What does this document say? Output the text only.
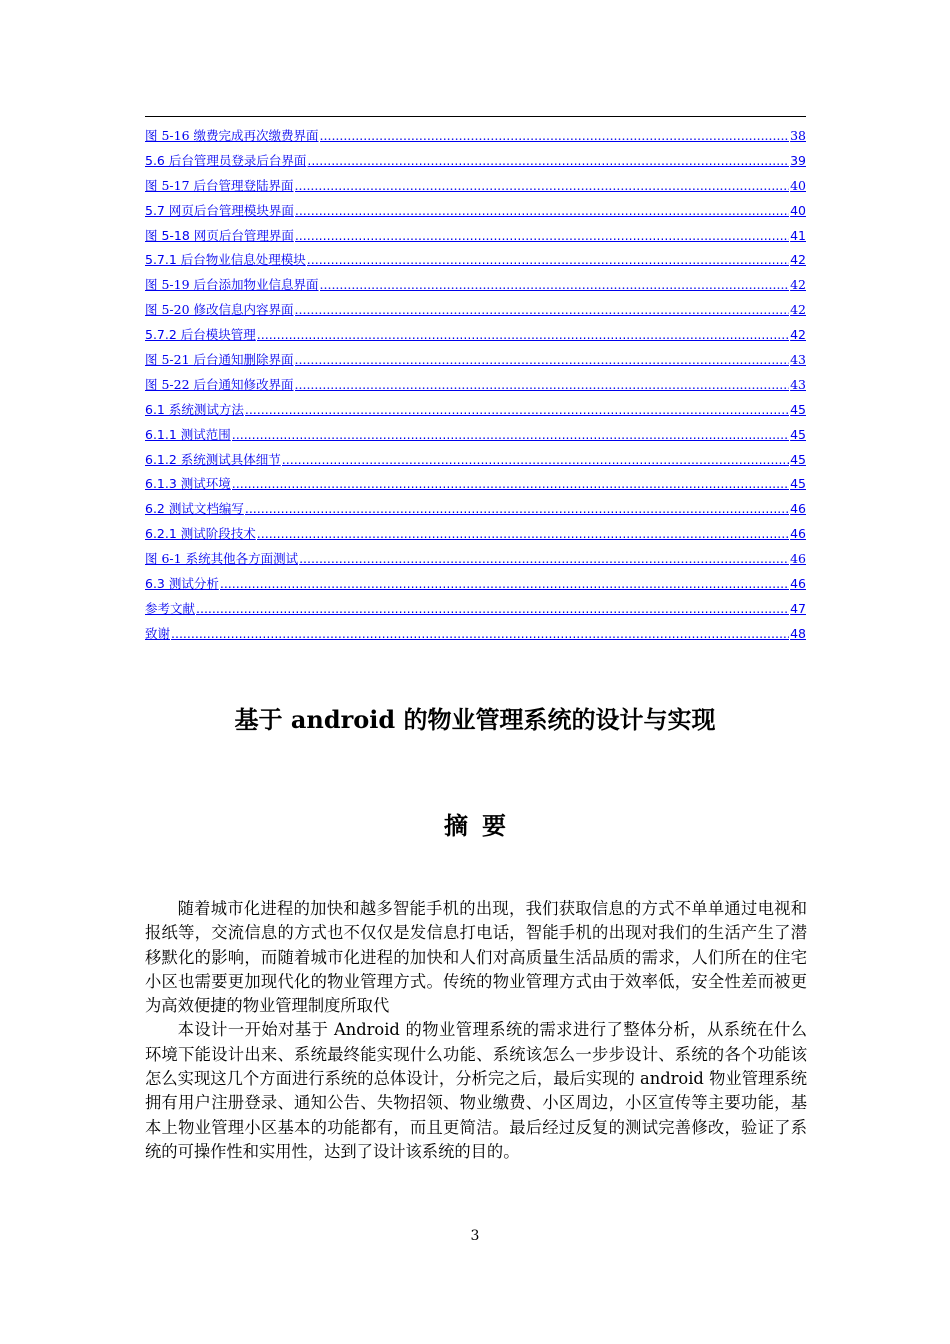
图 5-16 缴费完成再次缴费界面 .....	38
5.6 后台管理员登录后台界面 .....	39
图 5-17 后台管理登陆界面 .....	40
5.7 网页后台管理模块界面 .....	40
图 5-18 网页后台管理界面 .....	41
5.7.1 后台物业信息处理模块 .....	42
图 5-19 后台添加物业信息界面 .....	42
图 5-20 修改信息内容界面 .....	42
5.7.2 后台模块管理 .....	42
图 5-21 后台通知删除界面 .....	43
图 5-22 后台通知修改界面 .....	43
6.1 系统测试方法 .....	45
6.1.1 测试范围 .....	45
6.1.2 系统测试具体细节 .....	45
6.1.3 测试环境 .....	45
6.2 测试文档编写 .....	46
6.2.1 测试阶段技术 .....	46
图 6-1 系统其他各方面测试 .....	46
6.3 测试分析 .....	46
参考文献 .....	47
致谢 .....	48
基于 android 的物业管理系统的设计与实现
摘要

随着城市化进程的加快和越多智能手机的出现，我们获取信息的方式不单单通过电视和报纸等，交流信息的方式也不仅仅是发信息打电话，智能手机的出现对我们的生活产生了潜移默化的影响，而随着城市化进程的加快和人们对高质量生活品质的需求，人们所在的住宅小区也需要更加现代化的物业管理方式。传统的物业管理方式由于效率低，安全性差而被更为高效便捷的物业管理制度所取代

本设计一开始对基于 Android 的物业管理系统的需求进行了整体分析，从系统在什么环境下能设计出来、系统最终能实现什么功能、系统该怎么一步步设计、系统的各个功能该怎么实现这几个方面进行系统的总体设计，分析完之后，最后实现的 android 物业管理系统拥有用户注册登录、通知公告、失物招领、物业缴费、小区周边，小区宣传等主要功能，基本上物业管理小区基本的功能都有，而且更简洁。最后经过反复的测试完善修改，验证了系统的可操作性和实用性，达到了设计该系统的目的。

3
